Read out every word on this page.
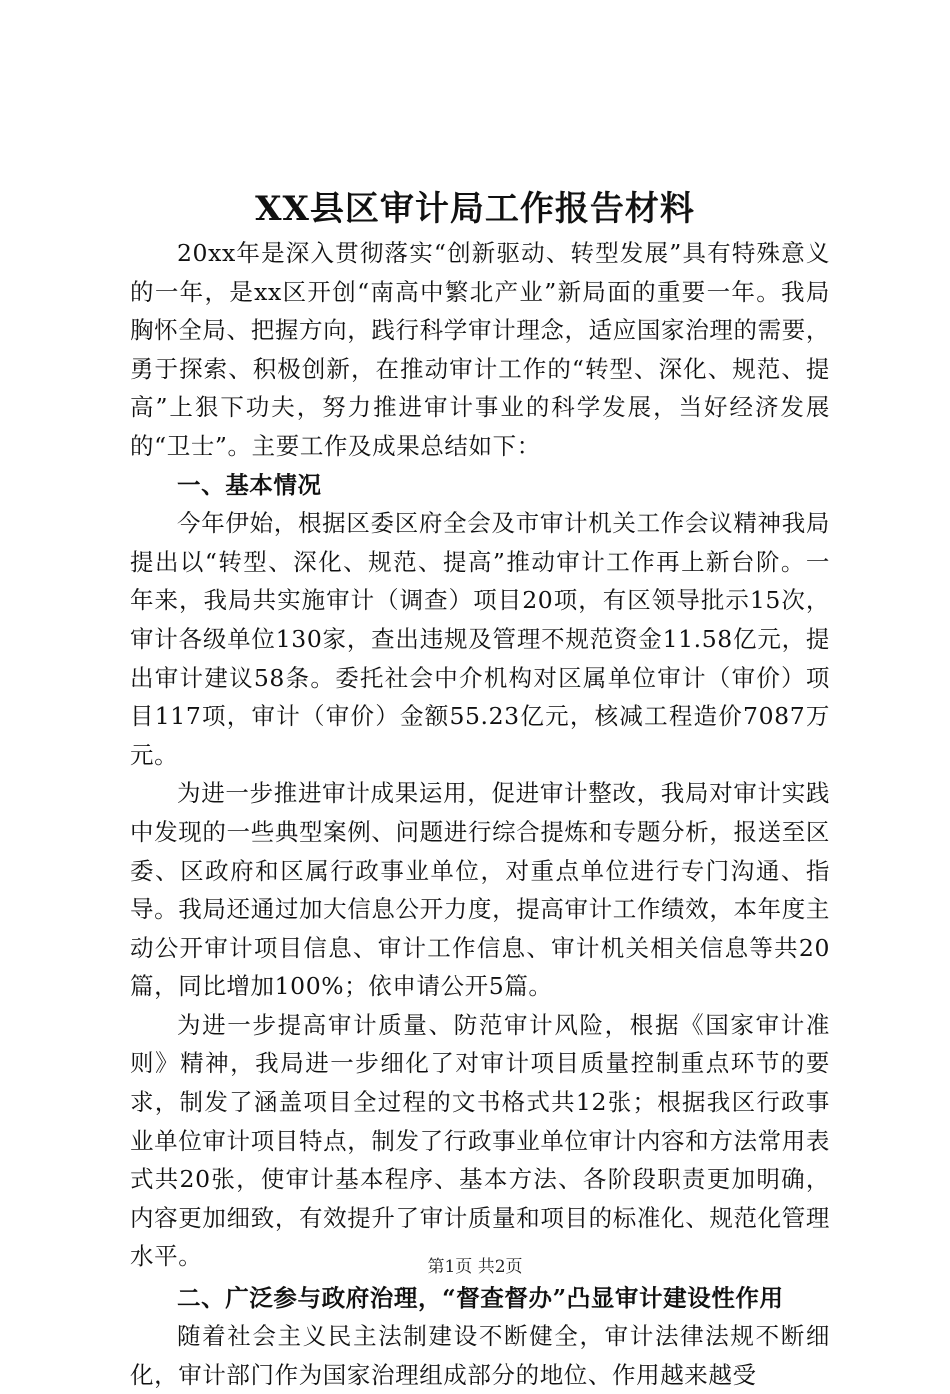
XX县区审计局工作报告材料

20xx年是深入贯彻落实“创新驱动、转型发展”具有特殊意义的一年，是xx区开创“南高中繁北产业”新局面的重要一年。我局胸怀全局、把握方向，践行科学审计理念，适应国家治理的需要，勇于探索、积极创新，在推动审计工作的“转型、深化、规范、提高”上狠下功夫，努力推进审计事业的科学发展，当好经济发展的“卫士”。主要工作及成果总结如下：

一、基本情况

今年伊始，根据区委区府全会及市审计机关工作会议精神我局提出以“转型、深化、规范、提高”推动审计工作再上新台阶。一年来，我局共实施审计（调查）项目20项，有区领导批示15次，审计各级单位130家，查出违规及管理不规范资金11.58亿元，提出审计建议58条。委托社会中介机构对区属单位审计（审价）项目117项，审计（审价）金额55.23亿元，核减工程造价7087万元。

为进一步推进审计成果运用，促进审计整改，我局对审计实践中发现的一些典型案例、问题进行综合提炼和专题分析，报送至区委、区政府和区属行政事业单位，对重点单位进行专门沟通、指导。我局还通过加大信息公开力度，提高审计工作绩效，本年度主动公开审计项目信息、审计工作信息、审计机关相关信息等共20篇，同比增加100%；依申请公开5篇。

为进一步提高审计质量、防范审计风险，根据《国家审计准则》精神，我局进一步细化了对审计项目质量控制重点环节的要求，制发了涵盖项目全过程的文书格式共12张；根据我区行政事业单位审计项目特点，制发了行政事业单位审计内容和方法常用表式共20张，使审计基本程序、基本方法、各阶段职责更加明确，内容更加细致，有效提升了审计质量和项目的标准化、规范化管理水平。

二、广泛参与政府治理，“督查督办”凸显审计建设性作用

随着社会主义民主法制建设不断健全，审计法律法规不断细化，审计部门作为国家治理组成部分的地位、作用越来越受

第1页 共2页
